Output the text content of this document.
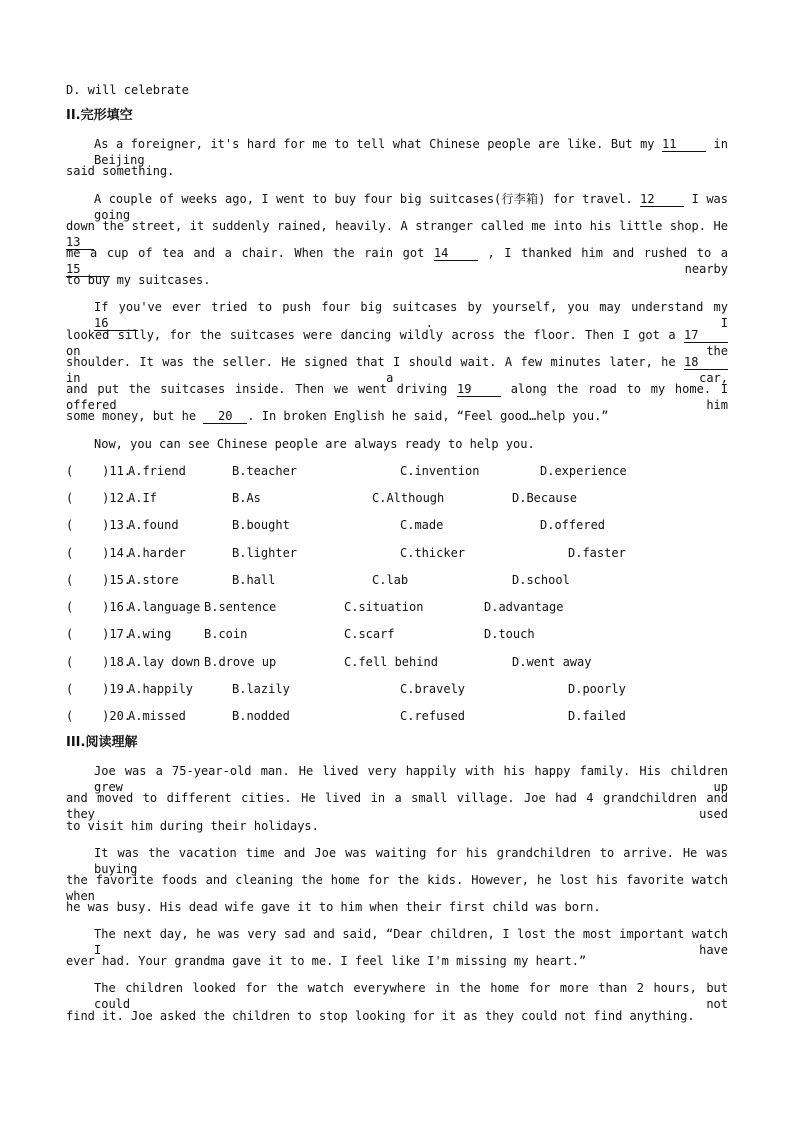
D. will celebrate
II.完形填空
As a foreigner, it's hard for me to tell what Chinese people are like. But my 11	in Beijing
said something.
A couple of weeks ago, I went to buy four big suitcases(行李箱) for travel. 12	I was going
down the street, it suddenly rained, heavily. A stranger called me into his little shop. He 13
me a cup of tea and a chair. When the rain got 14	, I thanked him and rushed to a 15	nearby
to buy my suitcases.
If you've ever tried to push four big suitcases by yourself, you may understand my 16	. I
looked silly, for the suitcases were dancing wildly across the floor. Then I got a 17 on the
shoulder. It was the seller. He signed that I should wait. A few minutes later, he 18 in a car,
and put the suitcases inside. Then we went driving 19	along the road to my home. I offered him
some money, but he 20 . In broken English he said, “Feel good…help you.”
Now, you can see Chinese people are always ready to help you.
(    )11.
A.friend	B.teacher	C.invention	D.experience
(    )12.
A.If	B.As	C.Although	D.Because
(    )13.
A.found	B.bought	C.made	D.offered
(    )14.
A.harder	B.lighter	C.thicker	D.faster
(    )15.
A.store	B.hall	C.lab	D.school
(    )16.
A.language B.sentence	C.situation	D.advantage
(    )17.
A.wing	B.coin	C.scarf	D.touch
(    )18.
A.lay down B.drove up	C.fell behind	D.went away
(    )19.
A.happily	B.lazily	C.bravely	D.poorly
(    )20.
A.missed	B.nodded	C.refused	D.failed
III.阅读理解
Joe was a 75-year-old man. He lived very happily with his happy family. His children grew up
and moved to different cities. He lived in a small village. Joe had 4 grandchildren and they used
to visit him during their holidays.
It was the vacation time and Joe was waiting for his grandchildren to arrive. He was buying
the favorite foods and cleaning the home for the kids. However, he lost his favorite watch when
he was busy. His dead wife gave it to him when their first child was born.
The next day, he was very sad and said, “Dear children, I lost the most important watch I have
ever had. Your grandma gave it to me. I feel like I'm missing my heart.”
The children looked for the watch everywhere in the home for more than 2 hours, but could not
find it. Joe asked the children to stop looking for it as they could not find anything.
